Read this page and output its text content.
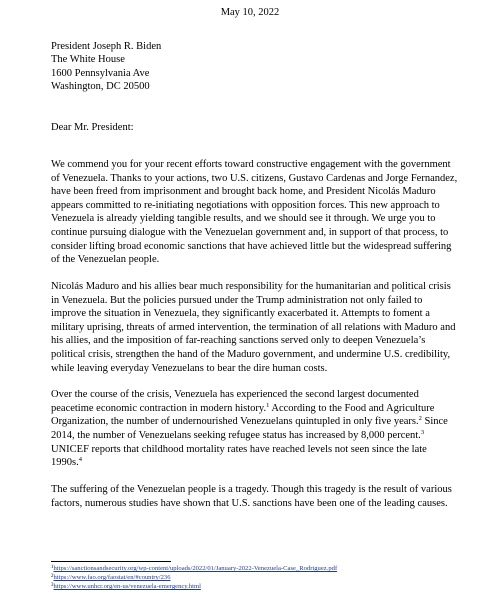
May 10, 2022
President Joseph R. Biden
The White House
1600 Pennsylvania Ave
Washington, DC 20500
Dear Mr. President:

We commend you for your recent efforts toward constructive engagement with the government
of Venezuela. Thanks to your actions, two U.S. citizens, Gustavo Cardenas and Jorge Fernandez,
have been freed from imprisonment and brought back home, and President Nicolás Maduro
appears committed to re-initiating negotiations with opposition forces. This new approach to
Venezuela is already yielding tangible results, and we should see it through. We urge you to
continue pursuing dialogue with the Venezuelan government and, in support of that process, to
consider lifting broad economic sanctions that have achieved little but the widespread suffering
of the Venezuelan people.

Nicolás Maduro and his allies bear much responsibility for the humanitarian and political crisis
in Venezuela. But the policies pursued under the Trump administration not only failed to
improve the situation in Venezuela, they significantly exacerbated it. Attempts to foment a
military uprising, threats of armed intervention, the termination of all relations with Maduro and
his allies, and the imposition of far-reaching sanctions served only to deepen Venezuela’s
political crisis, strengthen the hand of the Maduro government, and undermine U.S. credibility,
while leaving everyday Venezuelans to bear the dire human costs.

Over the course of the crisis, Venezuela has experienced the second largest documented
peacetime economic contraction in modern history.$^1$ According to the Food and Agriculture
Organization, the number of undernourished Venezuelans quintupled in only five years.$^2$ Since
2014, the number of Venezuelans seeking refugee status has increased by 8,000 percent.$^3$
UNICEF reports that childhood mortality rates have reached levels not seen since the late
1990s.$^4$

The suffering of the Venezuelan people is a tragedy. Though this tragedy is the result of various
factors, numerous studies have shown that U.S. sanctions have been one of the leading causes.

$^1$https://sanctionsandsecurity.org/wp-content/uploads/2022/01/January-2022-Venezuela-Case_Rodriguez.pdf
$^2$https://www.fao.org/faostat/en/#country/236
$^3$https://www.unhcr.org/en-us/venezuela-emergency.html
